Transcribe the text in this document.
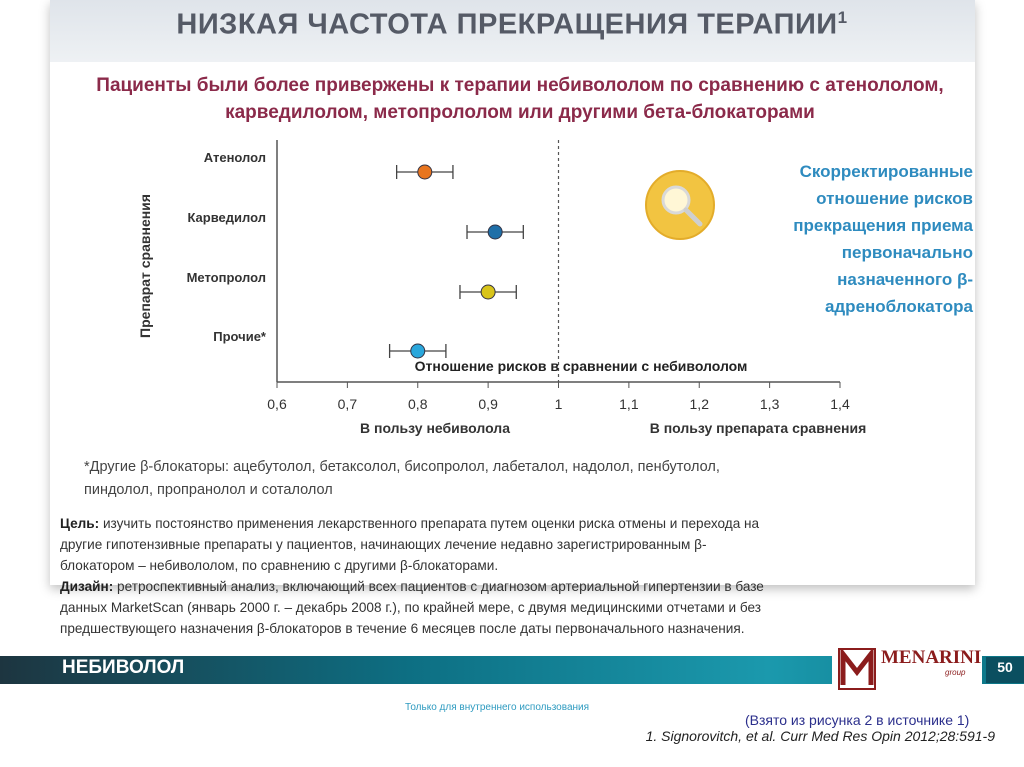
НИЗКАЯ ЧАСТОТА ПРЕКРАЩЕНИЯ ТЕРАПИИ$^1$
Пациенты были более привержены к терапии небивололом по сравнению с атенололом,
карведилолом, метопрололом или другими бета-блокаторами
0,6	0,7	0,8	0,9	1	1,1	1,2	1,3	1,4
Препарат сравнения
В пользу небиволола	В пользу препарата сравнения
Атенолол
Карведилол
Метопролол
Прочие*
Отношение рисков в сравнении с небивололом
Скорректированные
отношение рисков
прекращения приема
первоначально
назначенного β-
адреноблокатора
*Другие β-блокаторы: ацебутолол, бетаксолол, бисопролол, лабеталол, надолол, пенбутолол,
пиндолол, пропранолол и соталолол
Цель: изучить постоянство применения лекарственного препарата путем оценки риска отмены и перехода на
другие гипотензивные препараты у пациентов, начинающих лечение недавно зарегистрированным β-
блокатором – небивололом, по сравнению с другими β-блокаторами.
Дизайн: ретроспективный анализ, включающий всех пациентов с диагнозом артериальной гипертензии в базе
данных MarketScan (январь 2000 г. – декабрь 2008 г.), по крайней мере, с двумя медицинскими отчетами и без
предшествующего назначения β-блокаторов в течение 6 месяцев после даты первоначального назначения.
НЕБИВОЛОЛ	MENARINI
group	50
Только для внутреннего использования
(Взято из рисунка 2 в источнике 1)
1. Signorovitch, et al. Curr Med Res Opin 2012;28:591-9
